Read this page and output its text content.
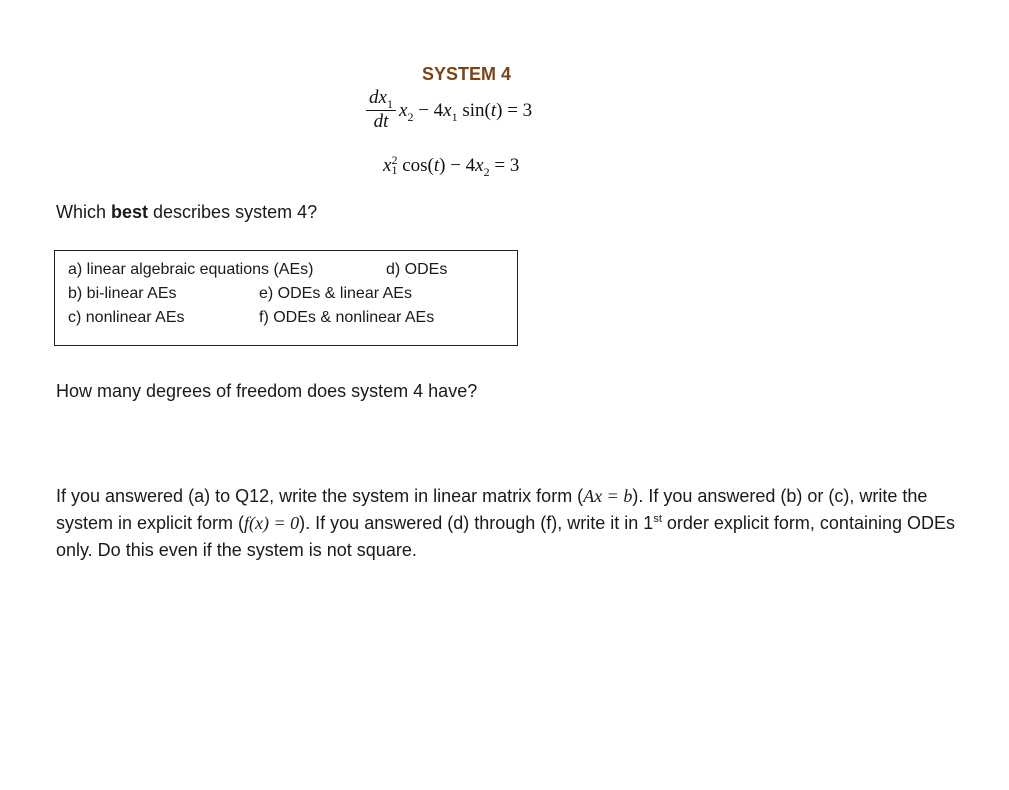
SYSTEM 4
$dx_1$
dt
$x_2 - 4x_1$ sin(t) = 3
x 2
1 $\cos(t) - 4x_2 = 3$
Which best describes system 4?
a) linear algebraic equations (AEs)	d) ODEs
b) bi-linear AEs	e) ODEs & linear AEs
c) nonlinear AEs	f) ODEs & nonlinear AEs
How many degrees of freedom does system 4 have?
If you answered (a) to Q12, write the system in linear matrix form (Ax = b). If you answered (b) or (c), write the system in explicit form (f(x) = 0). If you answered (d) through (f), write it in 1st order explicit form, containing ODEs only. Do this even if the system is not square.
